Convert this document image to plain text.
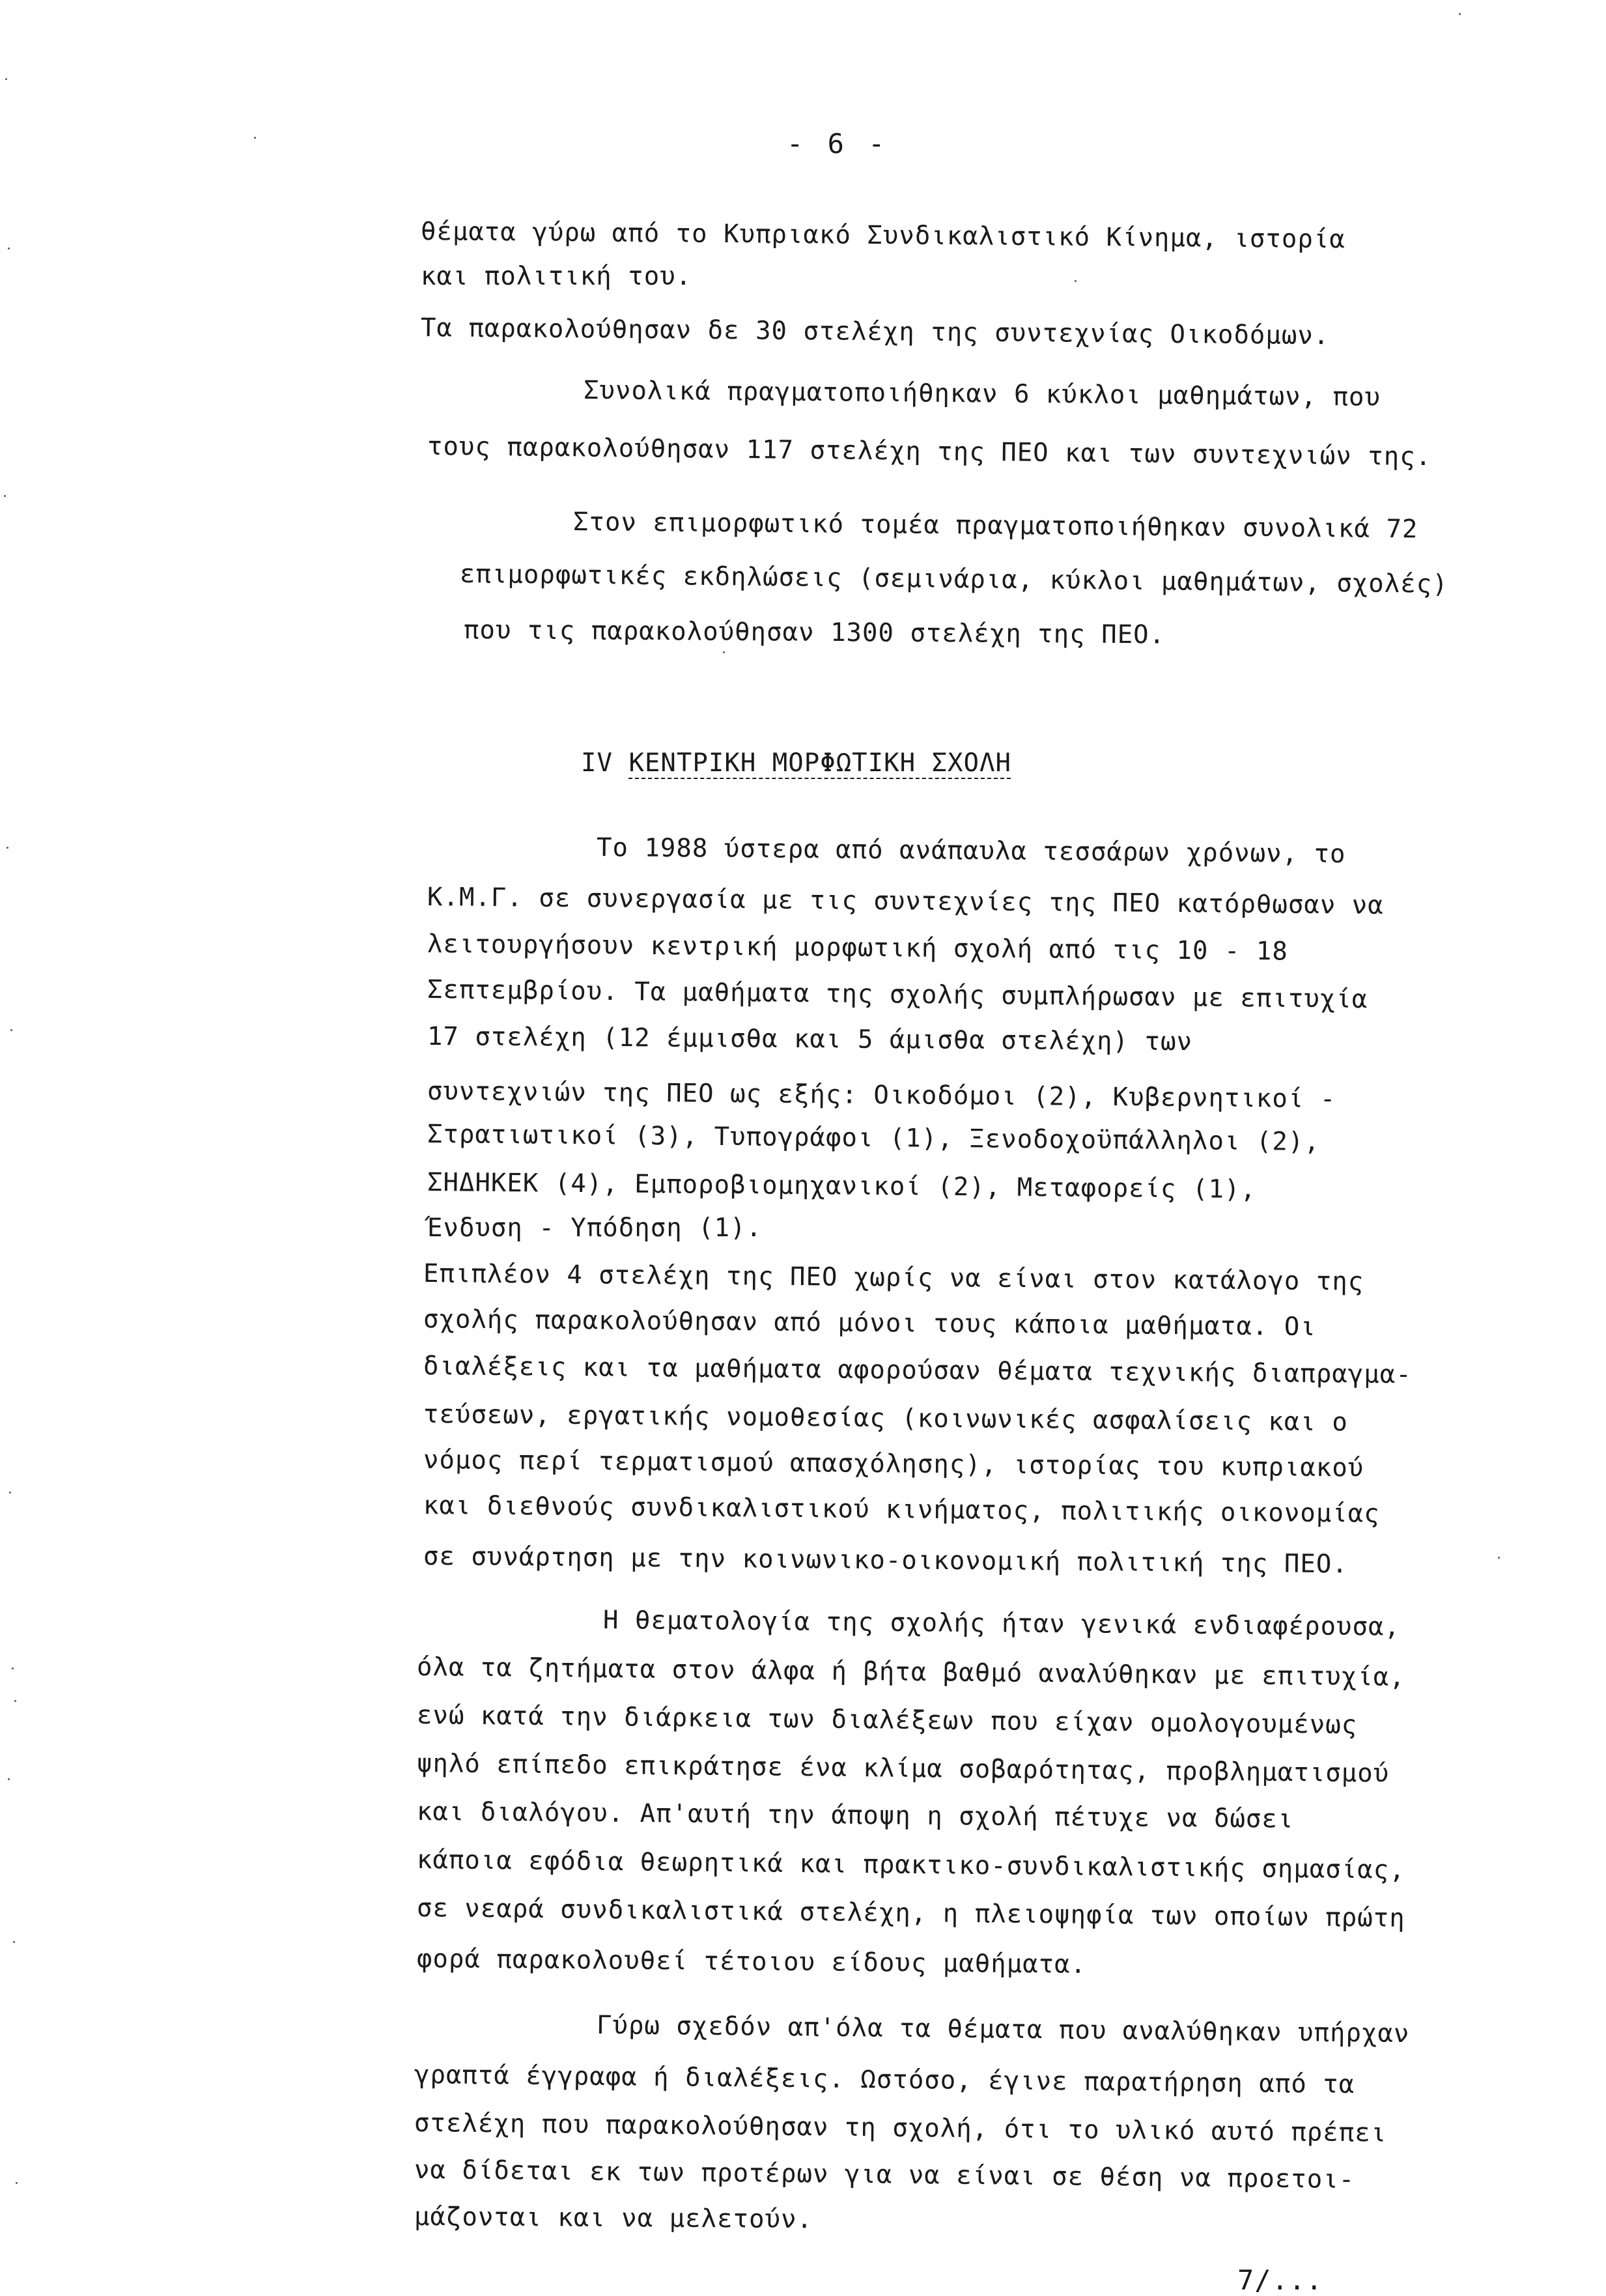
- 6 -
θέματα γύρω από το Κυπριακό Συνδικαλιστικό Κίνημα, ιστορία
και πολιτική του.
Τα παρακολούθησαν δε 30 στελέχη της συντεχνίας Οικοδόμων.
Συνολικά πραγματοποιήθηκαν 6 κύκλοι μαθημάτων, που
τους παρακολούθησαν 117 στελέχη της ΠΕΟ και των συντεχνιών της.
Στον επιμορφωτικό τομέα πραγματοποιήθηκαν συνολικά 72
επιμορφωτικές εκδηλώσεις (σεμινάρια, κύκλοι μαθημάτων, σχολές)
που τις παρακολούθησαν 1300 στελέχη της ΠΕΟ.
IV ΚΕΝΤΡΙΚΗ ΜΟΡΦΩΤΙΚΗ ΣΧΟΛΗ
Το 1988 ύστερα από ανάπαυλα τεσσάρων χρόνων, το
Κ.Μ.Γ. σε συνεργασία με τις συντεχνίες της ΠΕΟ κατόρθωσαν να
λειτουργήσουν κεντρική μορφωτική σχολή από τις 10 - 18
Σεπτεμβρίου. Τα μαθήματα της σχολής συμπλήρωσαν με επιτυχία
17 στελέχη (12 έμμισθα και 5 άμισθα στελέχη) των
συντεχνιών της ΠΕΟ ως εξής: Οικοδόμοι (2), Κυβερνητικοί -
Στρατιωτικοί (3), Τυπογράφοι (1), Ξενοδοχοϋπάλληλοι (2),
ΣΗΔΗΚΕΚ (4), Εμποροβιομηχανικοί (2), Μεταφορείς (1),
Ένδυση - Υπόδηση (1).
Επιπλέον 4 στελέχη της ΠΕΟ χωρίς να είναι στον κατάλογο της
σχολής παρακολούθησαν από μόνοι τους κάποια μαθήματα. Οι
διαλέξεις και τα μαθήματα αφορούσαν θέματα τεχνικής διαπραγμα-
τεύσεων, εργατικής νομοθεσίας (κοινωνικές ασφαλίσεις και ο
νόμος περί τερματισμού απασχόλησης), ιστορίας του κυπριακού
και διεθνούς συνδικαλιστικού κινήματος, πολιτικής οικονομίας
σε συνάρτηση με την κοινωνικο-οικονομική πολιτική της ΠΕΟ.
Η θεματολογία της σχολής ήταν γενικά ενδιαφέρουσα,
όλα τα ζητήματα στον άλφα ή βήτα βαθμό αναλύθηκαν με επιτυχία,
ενώ κατά την διάρκεια των διαλέξεων που είχαν ομολογουμένως
ψηλό επίπεδο επικράτησε ένα κλίμα σοβαρότητας, προβληματισμού
και διαλόγου. Απ'αυτή την άποψη η σχολή πέτυχε να δώσει
κάποια εφόδια θεωρητικά και πρακτικο-συνδικαλιστικής σημασίας,
σε νεαρά συνδικαλιστικά στελέχη, η πλειοψηφία των οποίων πρώτη
φορά παρακολουθεί τέτοιου είδους μαθήματα.
Γύρω σχεδόν απ'όλα τα θέματα που αναλύθηκαν υπήρχαν
γραπτά έγγραφα ή διαλέξεις. Ωστόσο, έγινε παρατήρηση από τα
στελέχη που παρακολούθησαν τη σχολή, ότι το υλικό αυτό πρέπει
να δίδεται εκ των προτέρων για να είναι σε θέση να προετοι-
μάζονται και να μελετούν.
7/...
